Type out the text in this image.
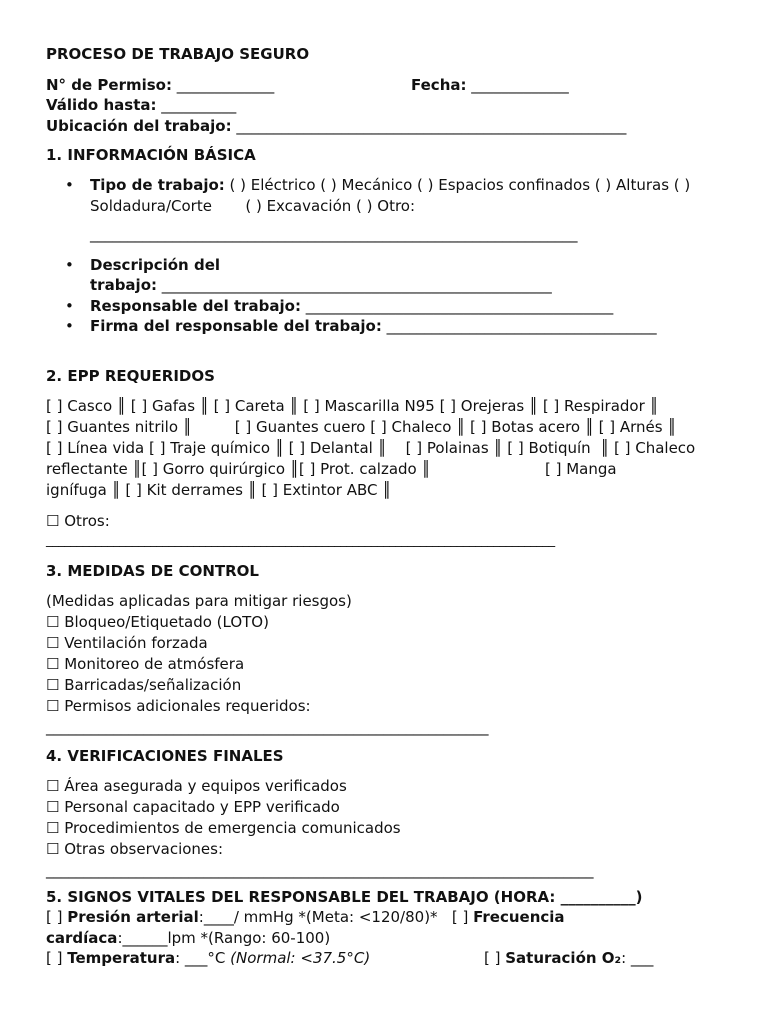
PROCESO DE TRABAJO SEGURO
N° de Permiso: _____________	Fecha: _____________
Válido hasta: __________
Ubicación del trabajo: ____________________________________________________
1. INFORMACIÓN BÁSICA
• Tipo de trabajo: ( ) Eléctrico ( ) Mecánico ( ) Espacios confinados ( ) Alturas ( )
Soldadura/Corte       ( ) Excavación ( ) Otro:
_________________________________________________________________
• Descripción del
trabajo: ____________________________________________________
• Responsable del trabajo: _________________________________________
• Firma del responsable del trabajo: ____________________________________
2. EPP REQUERIDOS
[ ] Casco ║ [ ] Gafas ║ [ ] Careta ║ [ ] Mascarilla N95 [ ] Orejeras ║ [ ] Respirador ║
[ ] Guantes nitrilo ║         [ ] Guantes cuero [ ] Chaleco ║ [ ] Botas acero ║ [ ] Arnés ║
[ ] Línea vida [ ] Traje químico ║ [ ] Delantal ║    [ ] Polainas ║ [ ] Botiquín  ║ [ ] Chaleco
reflectante ║[ ] Gorro quirúrgico ║[ ] Prot. calzado ║                        [ ] Manga
ignífuga ║ [ ] Kit derrames ║ [ ] Extintor ABC ║
☐ Otros:
___________________________________________________________________________________
3. MEDIDAS DE CONTROL
(Medidas aplicadas para mitigar riesgos)
☐ Bloqueo/Etiquetado (LOTO)
☐ Ventilación forzada
☐ Monitoreo de atmósfera
☐ Barricadas/señalización
☐ Permisos adicionales requeridos:
___________________________________________________________
4. VERIFICACIONES FINALES
☐ Área asegurada y equipos verificados
☐ Personal capacitado y EPP verificado
☐ Procedimientos de emergencia comunicados
☐ Otras observaciones:
_________________________________________________________________________
5. SIGNOS VITALES DEL RESPONSABLE DEL TRABAJO (HORA: __________)
[ ] Presión arterial:____/ mmHg *(Meta: <120/80)*   [ ] Frecuencia
cardíaca:______lpm *(Rango: 60-100)
[ ] Temperatura: ___°C (Normal: <37.5°C)	[ ] Saturación O₂: ___
